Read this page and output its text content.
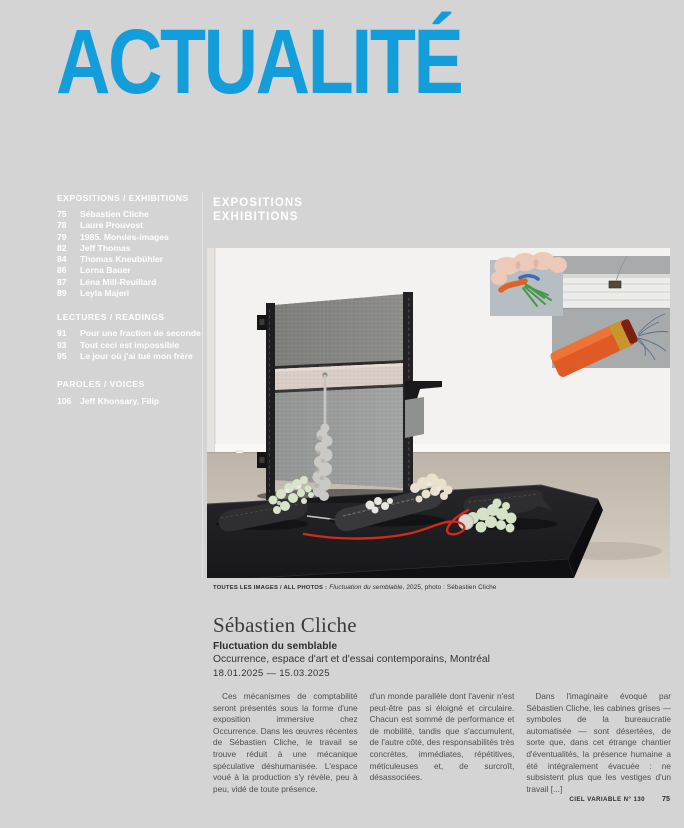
ACTUALITÉ
EXPOSITIONS / EXHIBITIONS
75	Sébastien Cliche
78	Laure Prouvost
79	1985. Mondes-images
82	Jeff Thomas
84	Thomas Kneubühler
86	Lorna Bauer
87	Léna Mill-Reuillard
89	Leyla Majeri
LECTURES / READINGS
91	Pour une fraction de seconde
93	Tout ceci est impossible
95	Le jour où j'ai tué mon frère
PAROLES / VOICES
106	Jeff Khonsary, Filip
EXPOSITIONS
EXHIBITIONS

TOUTES LES IMAGES / ALL PHOTOS : Fluctuation du semblable, 2025, photo : Sébastien Cliche

Sébastien Cliche
Fluctuation du semblable
Occurrence, espace d'art et d'essai contemporains, Montréal
18.01.2025 — 15.03.2025
Ces mécanismes de comptabilité seront présentés sous la forme d'une exposition immersive chez Occurrence. Dans les œuvres récentes de Sébastien Cliche, le travail se trouve réduit à une mécanique spéculative déshumanisée. L'espace voué à la production s'y révèle, peu à peu, vidé de toute présence.
d'un monde parallèle dont l'avenir n'est peut-être pas si éloigné et circulaire. Chacun est sommé de performance et de mobilité, tandis que s'accumulent, de l'autre côté, des responsabilités très concrètes, immédiates, répétitives, méticuleuses et, de surcroît, désassociées.
Dans l'imaginaire évoqué par Sébastien Cliche, les cabines grises — symboles de la bureaucratie automatisée — sont désertées, de sorte que, dans cet étrange chantier d'éventualités, la présence humaine a été intégralement évacuée : ne subsistent plus que les vestiges d'un travail [...]
CIEL VARIABLE N° 130 75
